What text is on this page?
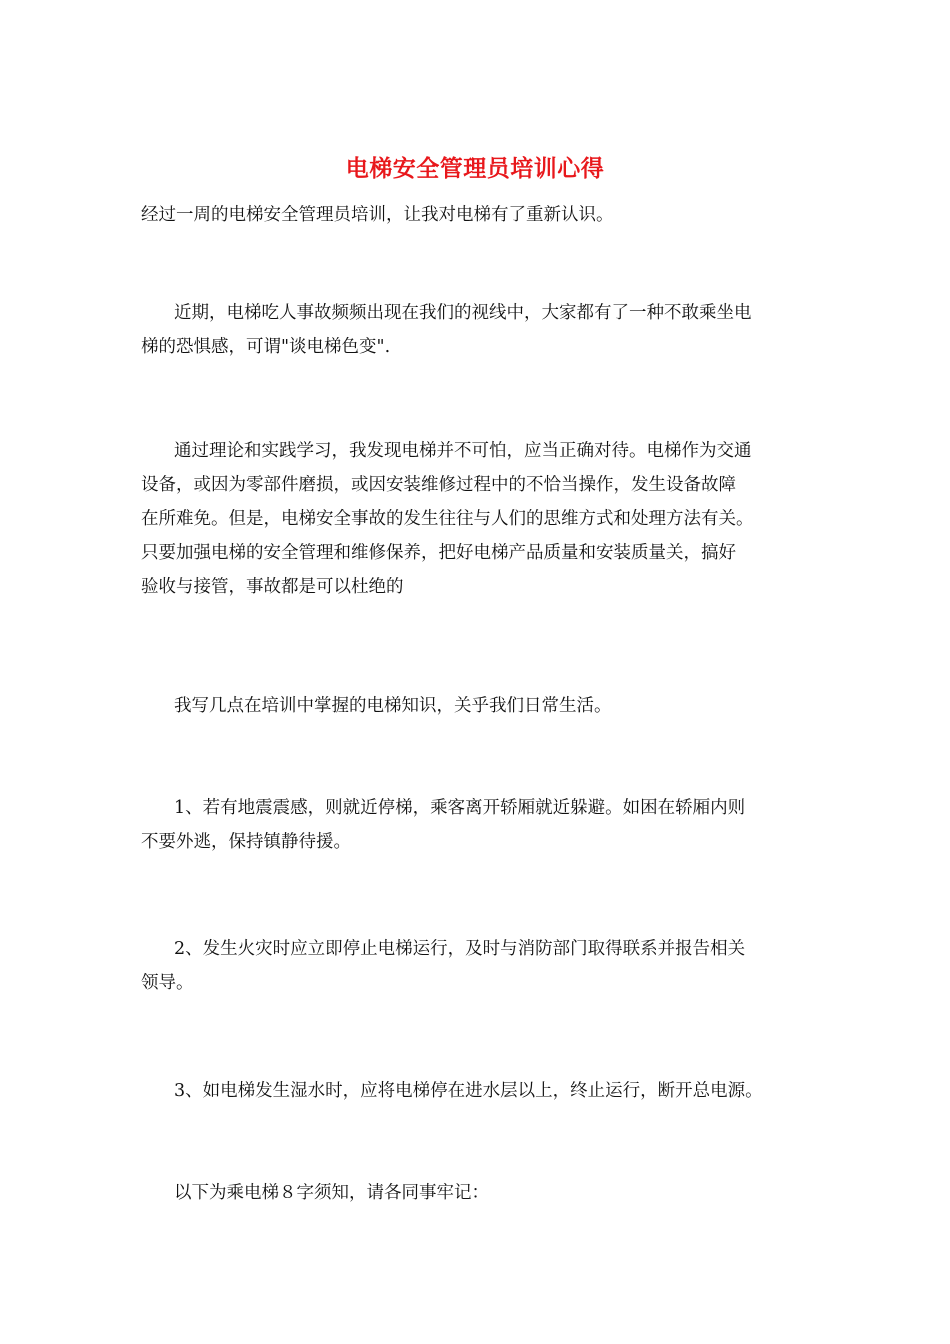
电梯安全管理员培训心得

经过一周的电梯安全管理员培训，让我对电梯有了重新认识。

近期，电梯吃人事故频频出现在我们的视线中，大家都有了一种不敢乘坐电
梯的恐惧感，可谓"谈电梯色变".

通过理论和实践学习，我发现电梯并不可怕，应当正确对待。电梯作为交通
设备，或因为零部件磨损，或因安装维修过程中的不恰当操作，发生设备故障
在所难免。但是，电梯安全事故的发生往往与人们的思维方式和处理方法有关。
只要加强电梯的安全管理和维修保养，把好电梯产品质量和安装质量关，搞好
验收与接管，事故都是可以杜绝的

我写几点在培训中掌握的电梯知识，关乎我们日常生活。

1、若有地震震感，则就近停梯，乘客离开轿厢就近躲避。如困在轿厢内则
不要外逃，保持镇静待援。

2、发生火灾时应立即停止电梯运行，及时与消防部门取得联系并报告相关
领导。

3、如电梯发生湿水时，应将电梯停在进水层以上，终止运行，断开总电源。

以下为乘电梯８字须知，请各同事牢记：
